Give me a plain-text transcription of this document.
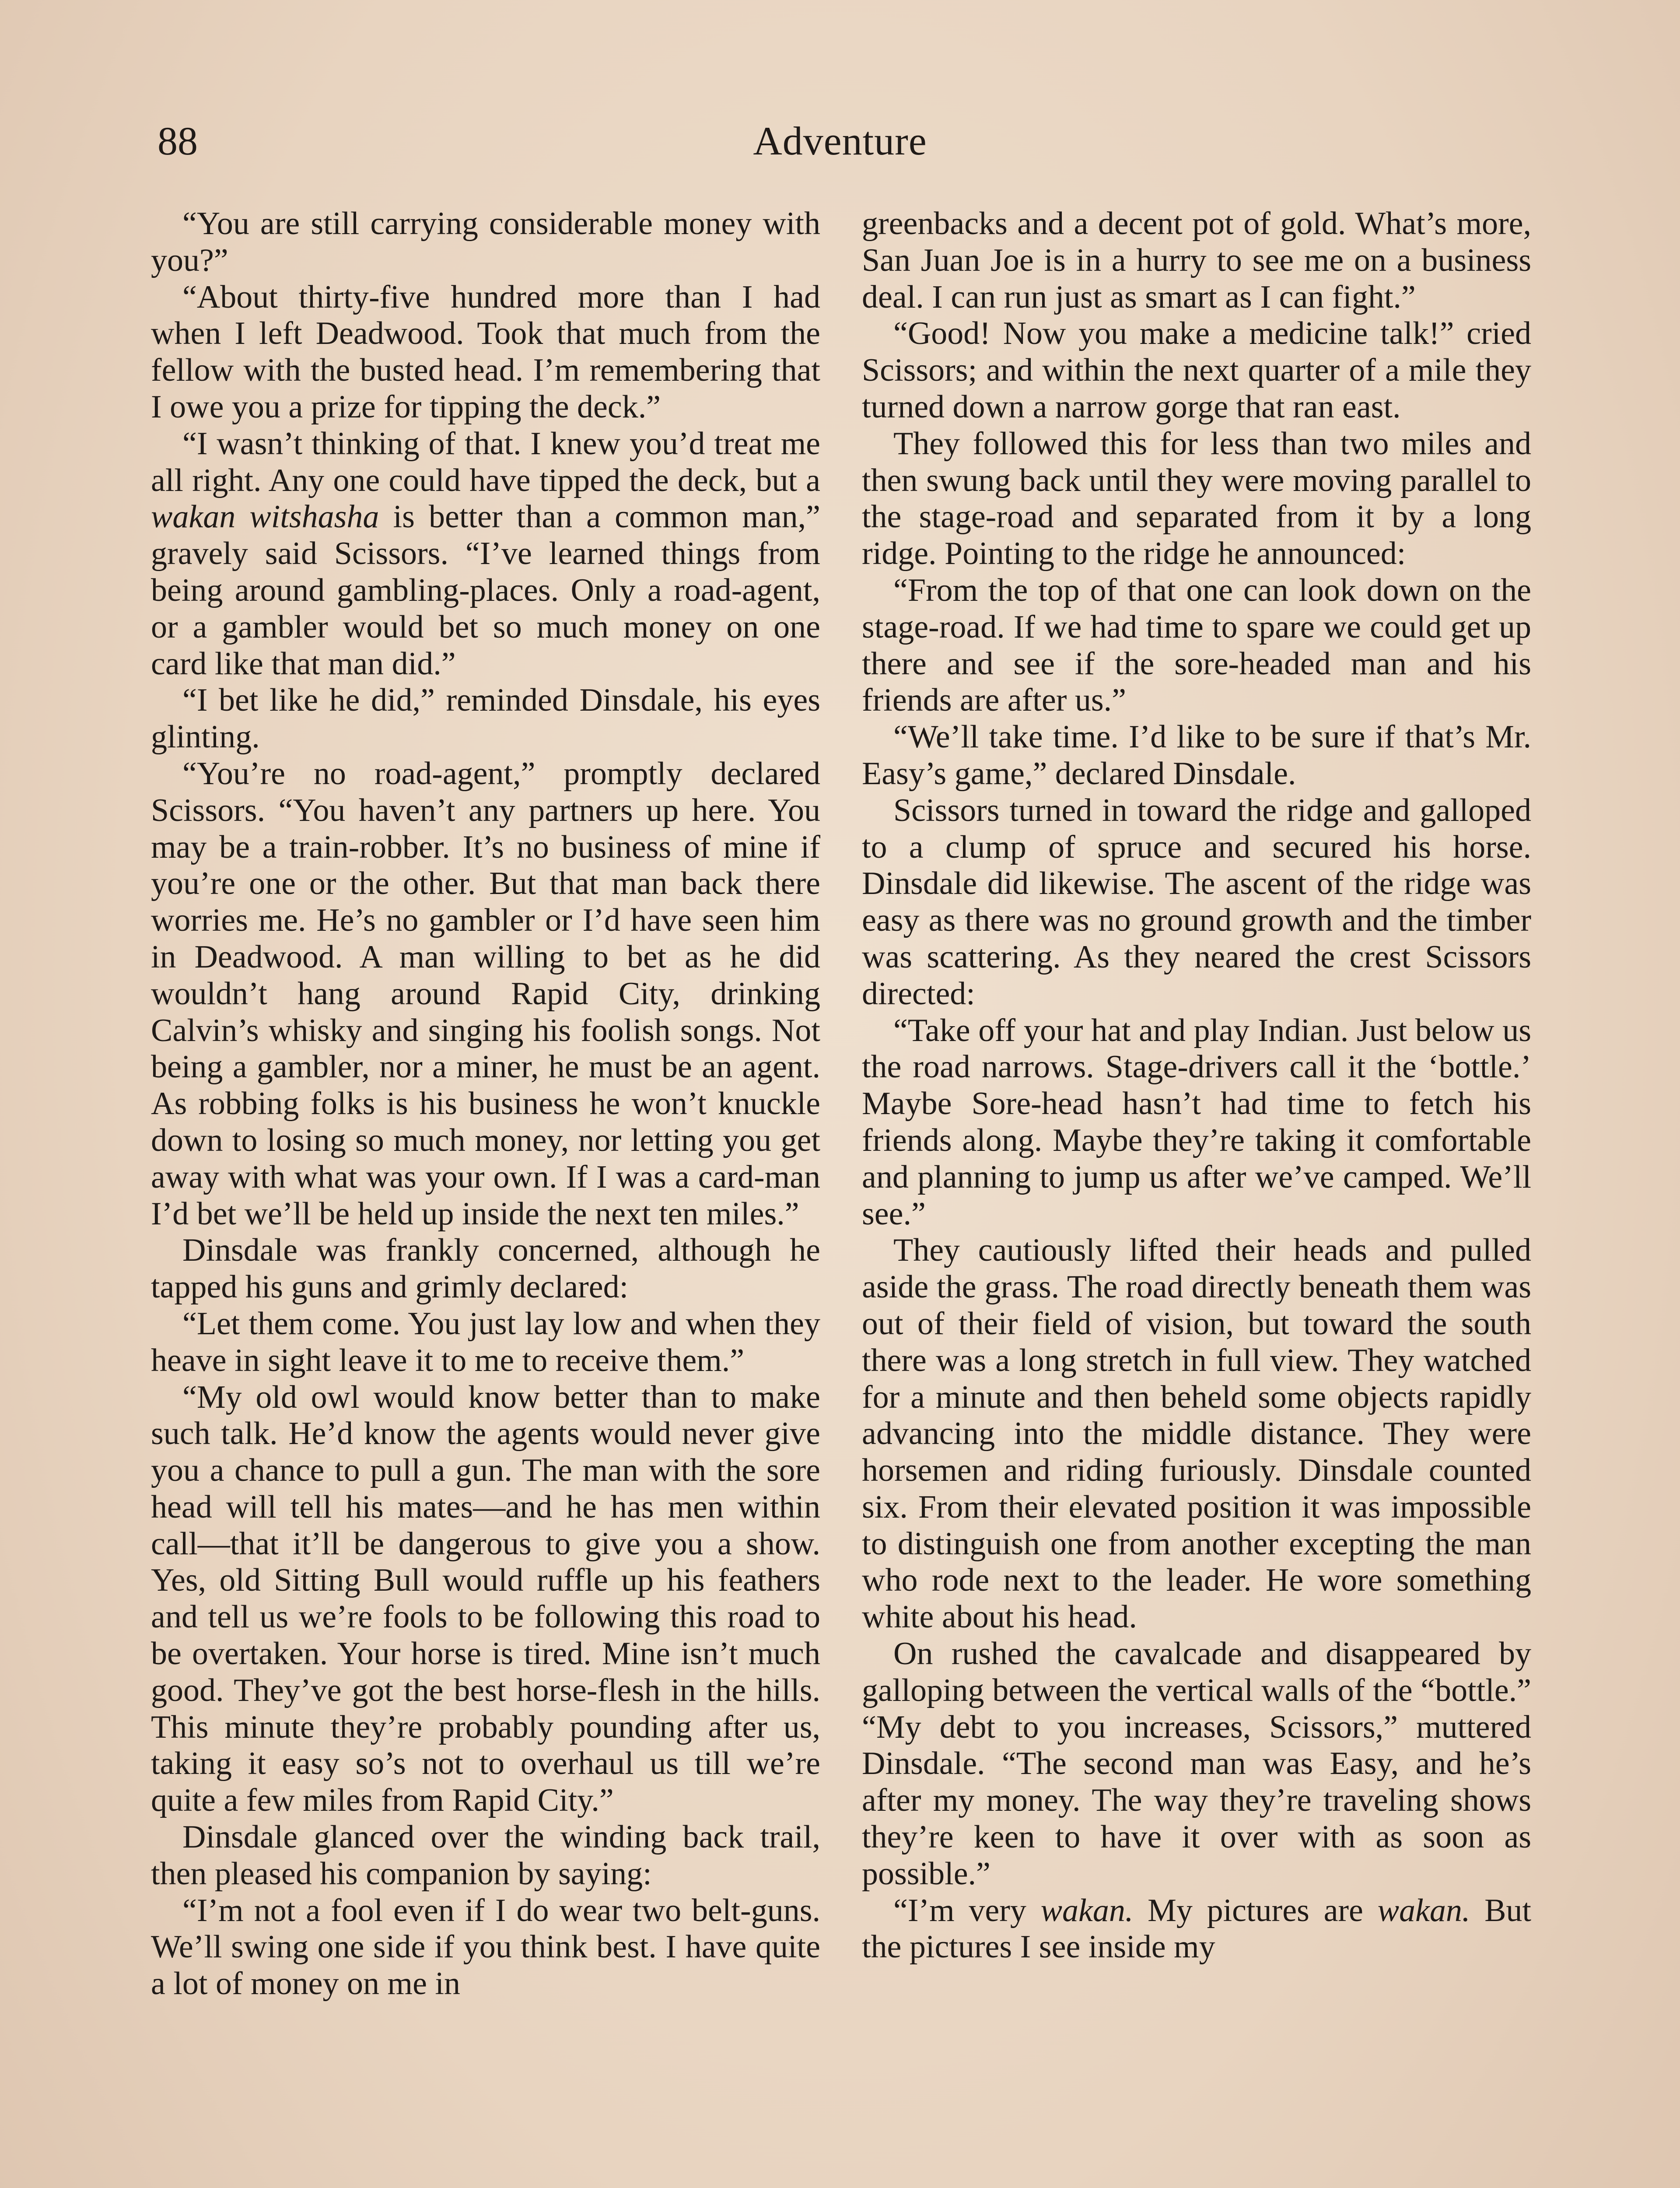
88	Adventure

“You are still carrying considerable money with you?”

“About thirty-five hundred more than I had when I left Deadwood. Took that much from the fellow with the busted head. I’m remembering that I owe you a prize for tipping the deck.”

“I wasn’t thinking of that. I knew you’d treat me all right. Any one could have tipped the deck, but a wakan witshasha is better than a common man,” gravely said Scissors. “I’ve learned things from being around gambling-places. Only a road-agent, or a gambler would bet so much money on one card like that man did.”

“I bet like he did,” reminded Dinsdale, his eyes glinting.

“You’re no road-agent,” promptly declared Scissors. “You haven’t any partners up here. You may be a train-robber. It’s no business of mine if you’re one or the other. But that man back there worries me. He’s no gambler or I’d have seen him in Deadwood. A man willing to bet as he did wouldn’t hang around Rapid City, drinking Calvin’s whisky and singing his foolish songs. Not being a gambler, nor a miner, he must be an agent. As robbing folks is his business he won’t knuckle down to losing so much money, nor letting you get away with what was your own. If I was a card-man I’d bet we’ll be held up inside the next ten miles.”

Dinsdale was frankly concerned, although he tapped his guns and grimly declared:

“Let them come. You just lay low and when they heave in sight leave it to me to receive them.”

“My old owl would know better than to make such talk. He’d know the agents would never give you a chance to pull a gun. The man with the sore head will tell his mates—and he has men within call—that it’ll be dangerous to give you a show. Yes, old Sitting Bull would ruffle up his feathers and tell us we’re fools to be following this road to be overtaken. Your horse is tired. Mine isn’t much good. They’ve got the best horse-flesh in the hills. This minute they’re probably pounding after us, taking it easy so’s not to overhaul us till we’re quite a few miles from Rapid City.”

Dinsdale glanced over the winding back trail, then pleased his companion by saying:

“I’m not a fool even if I do wear two belt-guns. We’ll swing one side if you think best. I have quite a lot of money on me in

greenbacks and a decent pot of gold. What’s more, San Juan Joe is in a hurry to see me on a business deal. I can run just as smart as I can fight.”

“Good! Now you make a medicine talk!” cried Scissors; and within the next quarter of a mile they turned down a narrow gorge that ran east.

They followed this for less than two miles and then swung back until they were moving parallel to the stage-road and separated from it by a long ridge. Pointing to the ridge he announced:

“From the top of that one can look down on the stage-road. If we had time to spare we could get up there and see if the sore-headed man and his friends are after us.”

“We’ll take time. I’d like to be sure if that’s Mr. Easy’s game,” declared Dinsdale.

Scissors turned in toward the ridge and galloped to a clump of spruce and secured his horse. Dinsdale did likewise. The ascent of the ridge was easy as there was no ground growth and the timber was scattering. As they neared the crest Scissors directed:

“Take off your hat and play Indian. Just below us the road narrows. Stage-drivers call it the ‘bottle.’ Maybe Sore-head hasn’t had time to fetch his friends along. Maybe they’re taking it comfortable and planning to jump us after we’ve camped. We’ll see.”

They cautiously lifted their heads and pulled aside the grass. The road directly beneath them was out of their field of vision, but toward the south there was a long stretch in full view. They watched for a minute and then beheld some objects rapidly advancing into the middle distance. They were horsemen and riding furiously. Dinsdale counted six. From their elevated position it was impossible to distinguish one from another excepting the man who rode next to the leader. He wore something white about his head.

On rushed the cavalcade and disappeared by galloping between the vertical walls of the “bottle.” “My debt to you increases, Scissors,” muttered Dinsdale. “The second man was Easy, and he’s after my money. The way they’re traveling shows they’re keen to have it over with as soon as possible.”

“I’m very wakan. My pictures are wakan. But the pictures I see inside my
